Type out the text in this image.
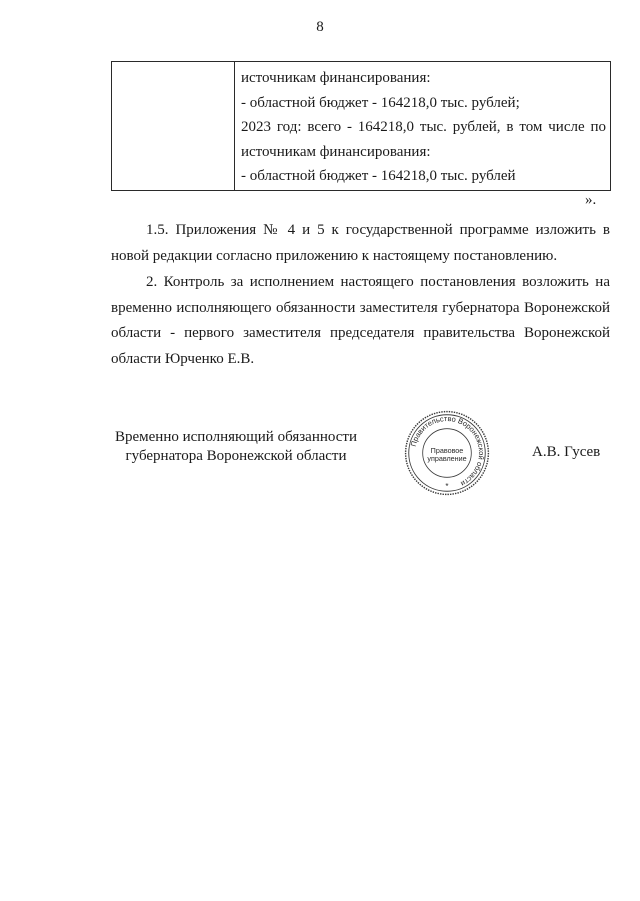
8
источникам финансирования:
- областной бюджет - 164218,0 тыс. рублей;
2023 год: всего - 164218,0 тыс. рублей, в том числе по
источникам финансирования:
- областной бюджет - 164218,0 тыс. рублей
».
1.5. Приложения № 4 и 5 к государственной программе изложить в
новой редакции согласно приложению к настоящему постановлению.
2. Контроль за исполнением настоящего постановления возложить на
временно исполняющего обязанности заместителя губернатора Воронежской
области - первого заместителя председателя правительства Воронежской
области Юрченко Е.В.
Временно исполняющий обязанности
губернатора Воронежской области
Правительство Воронежской области
Правовое
управление
*
А.В. Гусев
